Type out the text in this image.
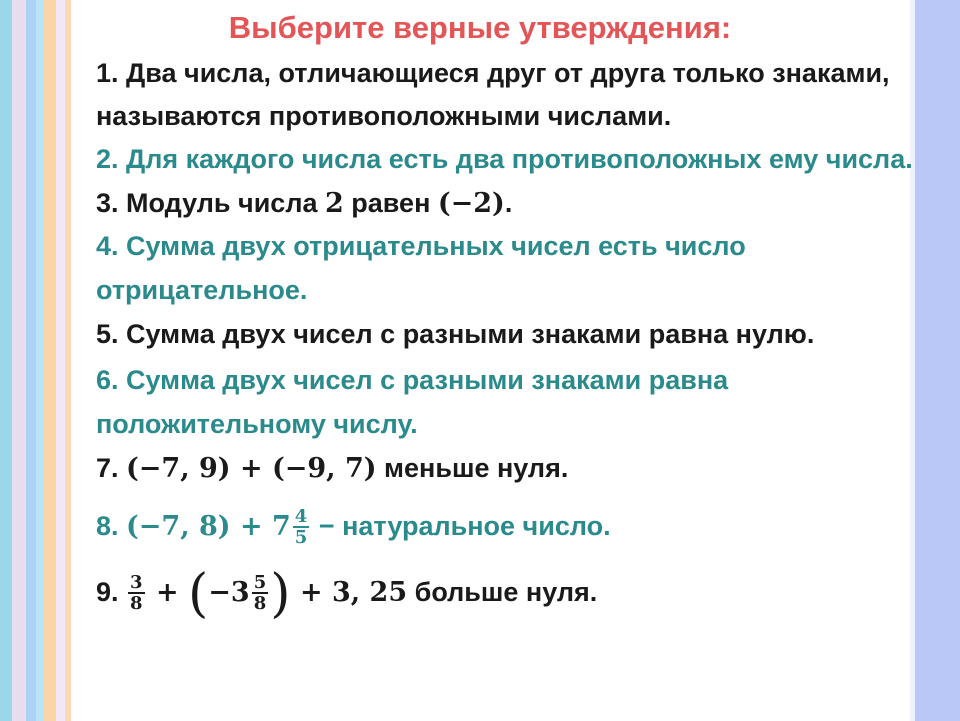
Выберите верные утверждения:
1. Два числа, отличающиеся друг от друга только знаками,
называются противоположными числами.
2. Для каждого числа есть два противоположных ему числа.
3. Модуль числа 2 равен (−2).
4. Сумма двух отрицательных чисел есть число
отрицательное.
5. Сумма двух чисел с разными знаками равна нулю.
6. Сумма двух чисел с разными знаками равна
положительному числу.
7. (−7, 9) + (−9, 7) меньше нуля.
8. (−7, $8) + 7 \frac{4}{5}$ − натуральное число.
9. $\frac{3}{8} + (-3 \frac{5}{8}$ ) + 3, 25 больше нуля.
